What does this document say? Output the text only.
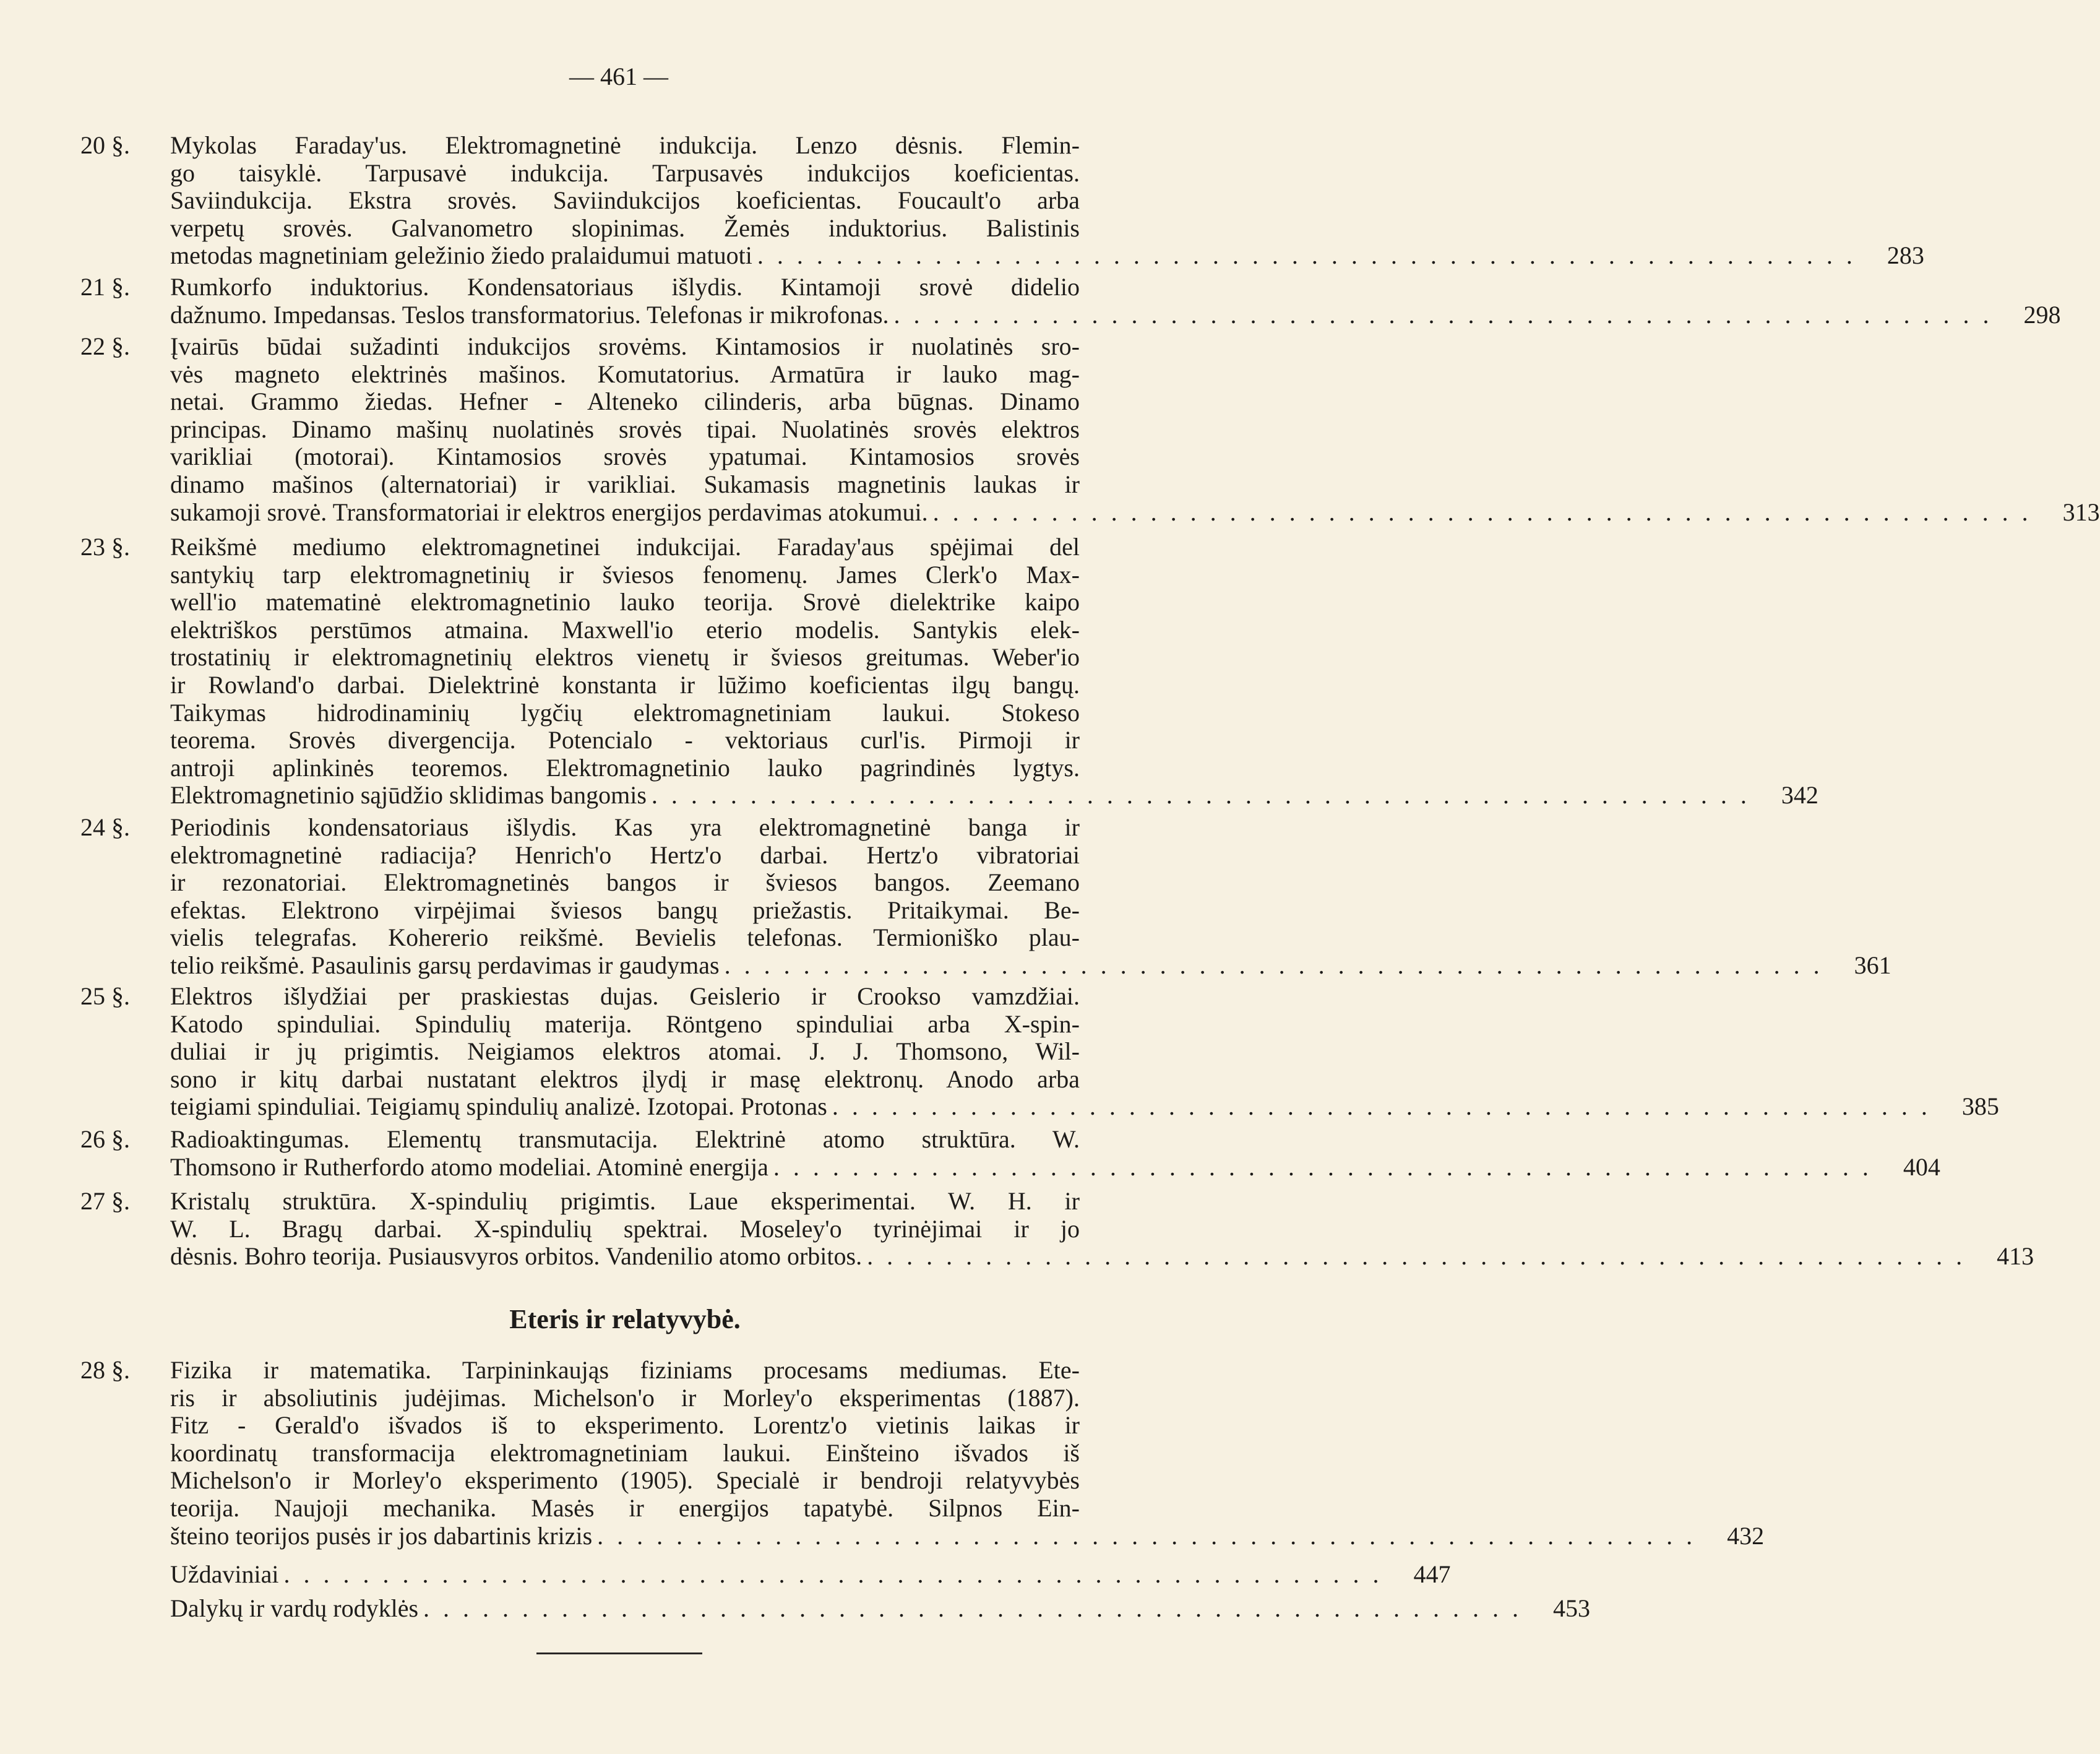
— 461 —
20 §.	Mykolas Faraday'us. Elektromagnetinė indukcija. Lenzo dėsnis. Flemin-
go taisyklė. Tarpusavė indukcija. Tarpusavės indukcijos koeficientas.
Saviindukcija. Ekstra srovės. Saviindukcijos koeficientas. Foucault'o arba
verpetų srovės. Galvanometro slopinimas. Žemės induktorius. Balistinis
metodas magnetiniam geležinio žiedo pralaidumui matuoti . . . . . . . . . . . . . . . . . . . . . . . . . . . . . . . . . . . . . . . . . . . . . . . . . . . . . . . .	283
21 §.	Rumkorfo induktorius. Kondensatoriaus išlydis. Kintamoji srovė didelio
dažnumo. Impedansas. Teslos transformatorius. Telefonas ir mikrofonas. . . . . . . . . . . . . . . . . . . . . . . . . . . . . . . . . . . . . . . . . . . . . . . . . . . . . . . . .	298
22 §.	Įvairūs būdai sužadinti indukcijos srovėms. Kintamosios ir nuolatinės sro-
vės magneto elektrinės mašinos. Komutatorius. Armatūra ir lauko mag-
netai. Grammo žiedas. Hefner - Alteneko cilinderis, arba būgnas. Dinamo
principas. Dinamo mašinų nuolatinės srovės tipai. Nuolatinės srovės elektros
varikliai (motorai). Kintamosios srovės ypatumai. Kintamosios srovės
dinamo mašinos (alternatoriai) ir varikliai. Sukamasis magnetinis laukas ir
sukamoji srovė. Transformatoriai ir elektros energijos perdavimas atokumui. . . . . . . . . . . . . . . . . . . . . . . . . . . . . . . . . . . . . . . . . . . . . . . . . . . . . . . . .	313
23 §.	Reikšmė mediumo elektromagnetinei indukcijai. Faraday'aus spėjimai del
santykių tarp elektromagnetinių ir šviesos fenomenų. James Clerk'o Max-
well'io matematinė elektromagnetinio lauko teorija. Srovė dielektrike kaipo
elektriškos perstūmos atmaina. Maxwell'io eterio modelis. Santykis elek-
trostatinių ir elektromagnetinių elektros vienetų ir šviesos greitumas. Weber'io
ir Rowland'o darbai. Dielektrinė konstanta ir lūžimo koeficientas ilgų bangų.
Taikymas hidrodinaminių lygčių elektromagnetiniam laukui. Stokeso
teorema. Srovės divergencija. Potencialo - vektoriaus curl'is. Pirmoji ir
antroji aplinkinės teoremos. Elektromagnetinio lauko pagrindinės lygtys.
Elektromagnetinio sąjūdžio sklidimas bangomis . . . . . . . . . . . . . . . . . . . . . . . . . . . . . . . . . . . . . . . . . . . . . . . . . . . . . . . .	342
24 §.	Periodinis kondensatoriaus išlydis. Kas yra elektromagnetinė banga ir
elektromagnetinė radiacija? Henrich'o Hertz'o darbai. Hertz'o vibratoriai
ir rezonatoriai. Elektromagnetinės bangos ir šviesos bangos. Zeemano
efektas. Elektrono virpėjimai šviesos bangų priežastis. Pritaikymai. Be-
vielis telegrafas. Kohererio reikšmė. Bevielis telefonas. Termioniško plau-
telio reikšmė. Pasaulinis garsų perdavimas ir gaudymas . . . . . . . . . . . . . . . . . . . . . . . . . . . . . . . . . . . . . . . . . . . . . . . . . . . . . . . .	361
25 §.	Elektros išlydžiai per praskiestas dujas. Geislerio ir Crookso vamzdžiai.
Katodo spinduliai. Spindulių materija. Röntgeno spinduliai arba X-spin-
duliai ir jų prigimtis. Neigiamos elektros atomai. J. J. Thomsono, Wil-
sono ir kitų darbai nustatant elektros įlydį ir masę elektronų. Anodo arba
teigiami spinduliai. Teigiamų spindulių analizė. Izotopai. Protonas . . . . . . . . . . . . . . . . . . . . . . . . . . . . . . . . . . . . . . . . . . . . . . . . . . . . . . . .	385
26 §.	Radioaktingumas. Elementų transmutacija. Elektrinė atomo struktūra. W.
Thomsono ir Rutherfordo atomo modeliai. Atominė energija . . . . . . . . . . . . . . . . . . . . . . . . . . . . . . . . . . . . . . . . . . . . . . . . . . . . . . . .	404
27 §.	Kristalų struktūra. X-spindulių prigimtis. Laue eksperimentai. W. H. ir
W. L. Bragų darbai. X-spindulių spektrai. Moseley'o tyrinėjimai ir jo
dėsnis. Bohro teorija. Pusiausvyros orbitos. Vandenilio atomo orbitos. . . . . . . . . . . . . . . . . . . . . . . . . . . . . . . . . . . . . . . . . . . . . . . . . . . . . . . . .	413
28 §.	Fizika ir matematika. Tarpininkaująs fiziniams procesams mediumas. Ete-
ris ir absoliutinis judėjimas. Michelson'o ir Morley'o eksperimentas (1887).
Fitz - Gerald'o išvados iš to eksperimento. Lorentz'o vietinis laikas ir
koordinatų transformacija elektromagnetiniam laukui. Einšteino išvados iš
Michelson'o ir Morley'o eksperimento (1905). Specialė ir bendroji relatyvybės
teorija. Naujoji mechanika. Masės ir energijos tapatybė. Silpnos Ein-
šteino teorijos pusės ir jos dabartinis krizis . . . . . . . . . . . . . . . . . . . . . . . . . . . . . . . . . . . . . . . . . . . . . . . . . . . . . . . .	432
Uždaviniai . . . . . . . . . . . . . . . . . . . . . . . . . . . . . . . . . . . . . . . . . . . . . . . . . . . . . . . .	447
Dalykų ir vardų rodyklės . . . . . . . . . . . . . . . . . . . . . . . . . . . . . . . . . . . . . . . . . . . . . . . . . . . . . . . .	453
Eteris ir relatyvybė.
